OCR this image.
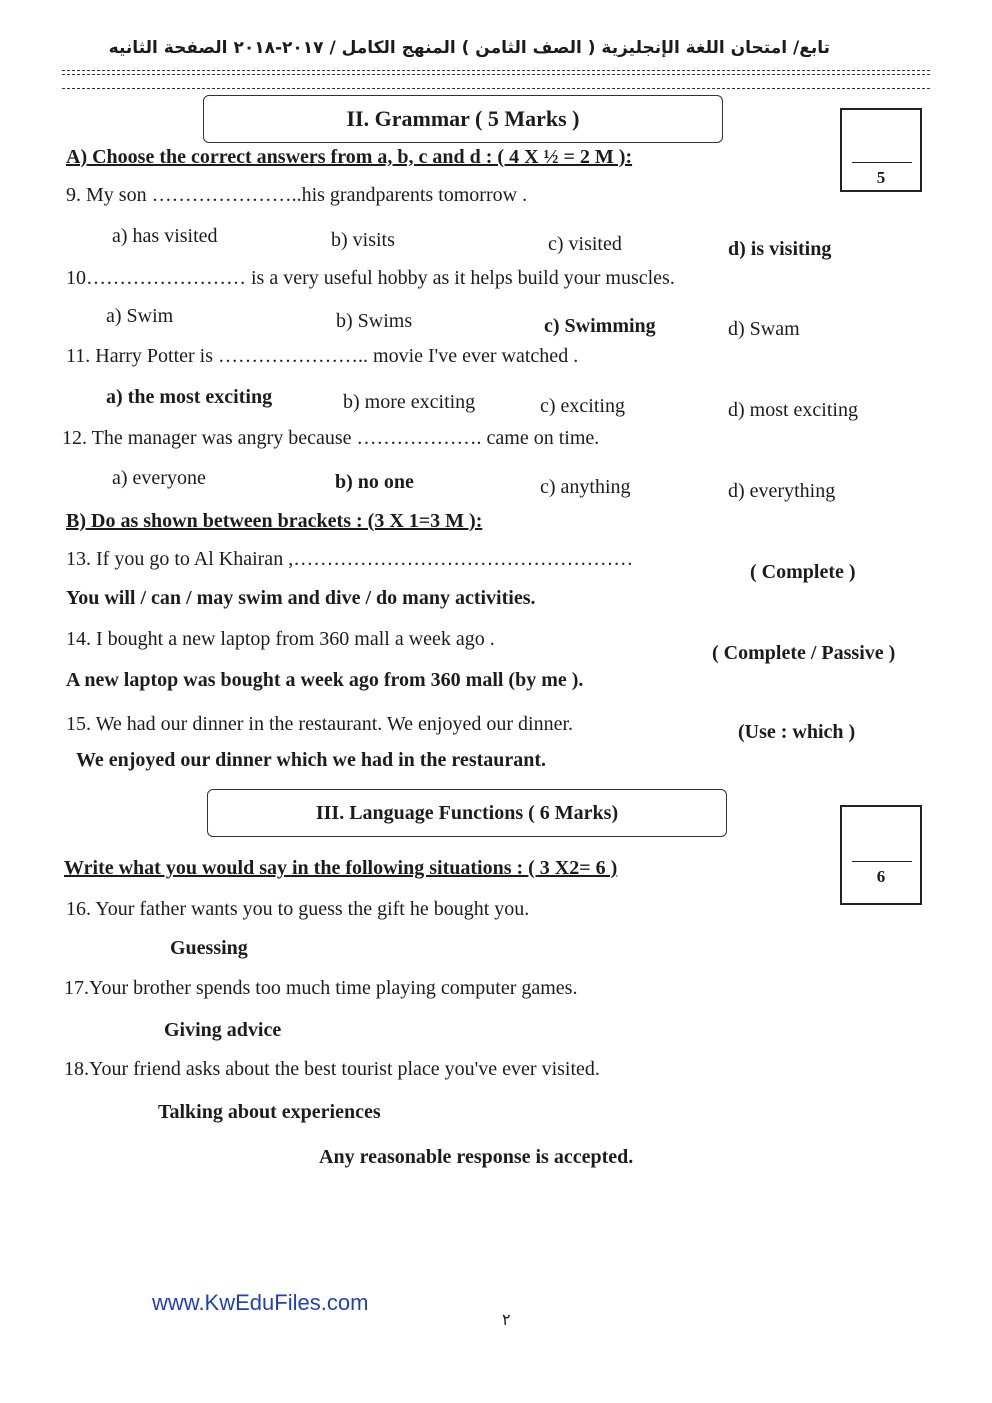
تابع/ امتحان اللغة الإنجليزية ( الصف الثامن ) المنهج الكامل / ٢٠١٧-٢٠١٨ الصفحة الثانيه
II. Grammar ( 5 Marks )
5
A) Choose the correct answers from a, b, c and d : ( 4 X ½ = 2 M ):
9. My son …………………..his grandparents tomorrow .
a) has visited	b) visits	c) visited	d) is visiting
10…………………… is a very useful hobby as it helps build your muscles.
a) Swim	b) Swims	c) Swimming	d) Swam
11. Harry Potter is ………………….. movie I've ever watched .
a) the most exciting	b) more exciting	c) exciting	d) most exciting
12. The manager was angry because ………………. came on time.
a) everyone	b) no one	c) anything	d) everything
B) Do as shown between brackets : (3 X 1=3 M ):
13. If you go to Al Khairan ,……………………………………………
( Complete )
You will / can / may swim and dive / do many activities.
14. I bought a new laptop from 360 mall a week ago .
( Complete / Passive )
A new laptop was bought a week ago from 360 mall (by me ).
15. We had our dinner in the restaurant. We enjoyed our dinner.	(Use : which )
We enjoyed our dinner which we had in the restaurant.
III. Language Functions ( 6 Marks)
6
Write what you would say in the following situations : ( 3 X2= 6 )
16. Your father wants you to guess the gift he bought you.
Guessing
17.Your brother spends too much time playing computer games.
Giving advice
18.Your friend asks about the best tourist place you've ever visited.
Talking about experiences
Any reasonable response is accepted.
www.KwEduFiles.com
٢
